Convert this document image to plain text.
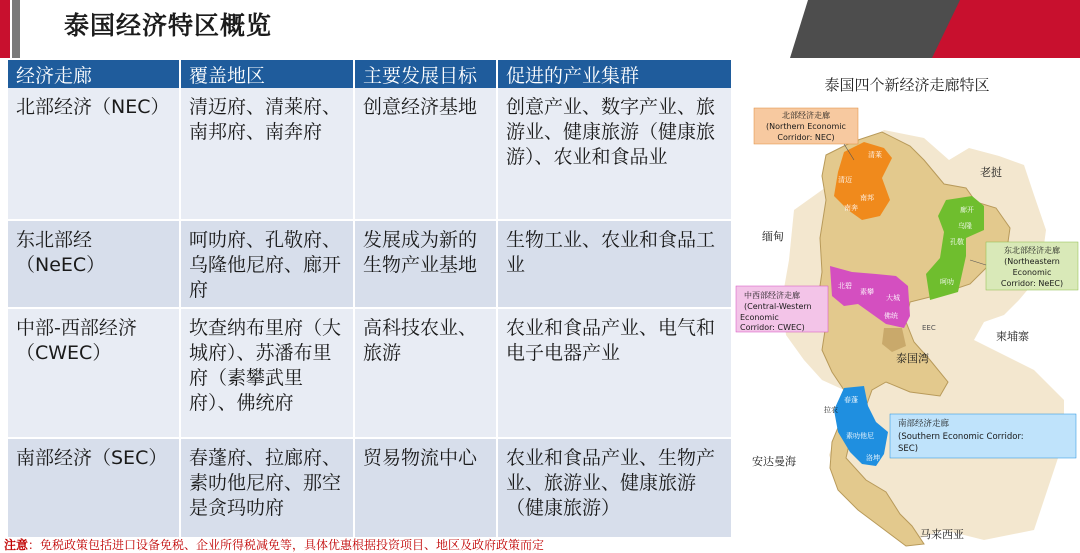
泰国经济特区概览
经济走廊	覆盖地区	主要发展目标	促进的产业集群
北部经济（NEC）	清迈府、清莱府、南邦府、南奔府	创意经济基地	创意产业、数字产业、旅游业、健康旅游（健康旅游）、农业和食品业
东北部经（NeEC）	呵叻府、孔敬府、乌隆他尼府、廊开府	发展成为新的生物产业基地	生物工业、农业和食品工业
中部-西部经济（CWEC）	坎查纳布里府（大城府）、苏潘布里府（素攀武里府）、佛统府	高科技农业、旅游	农业和食品产业、电气和电子电器产业
南部经济（SEC）	春蓬府、拉廊府、素叻他尼府、那空是贪玛叻府	贸易物流中心	农业和食品产业、生物产业、旅游业、健康旅游（健康旅游）
注意：免税政策包括进口设备免税、企业所得税减免等，具体优惠根据投资项目、地区及政府政策而定
泰国四个新经济走廊特区
清莱
清迈
南邦
南奔	廊开
乌隆
孔敬
呵叻
北碧
素攀
佛统
大城
春蓬
拉农
素叻他尼
洛坤
北部经济走廊
(Northern Economic
Corridor: NEC)
东北部经济走廊
(Northeastern
Economic
Corridor: NeEC)
中西部经济走廊
(Central-Western
Economic
Corridor: CWEC)
南部经济走廊
(Southern Economic Corridor:
SEC)
老挝
缅甸
柬埔寨
马来西亚
泰国湾
安达曼海
EEC
